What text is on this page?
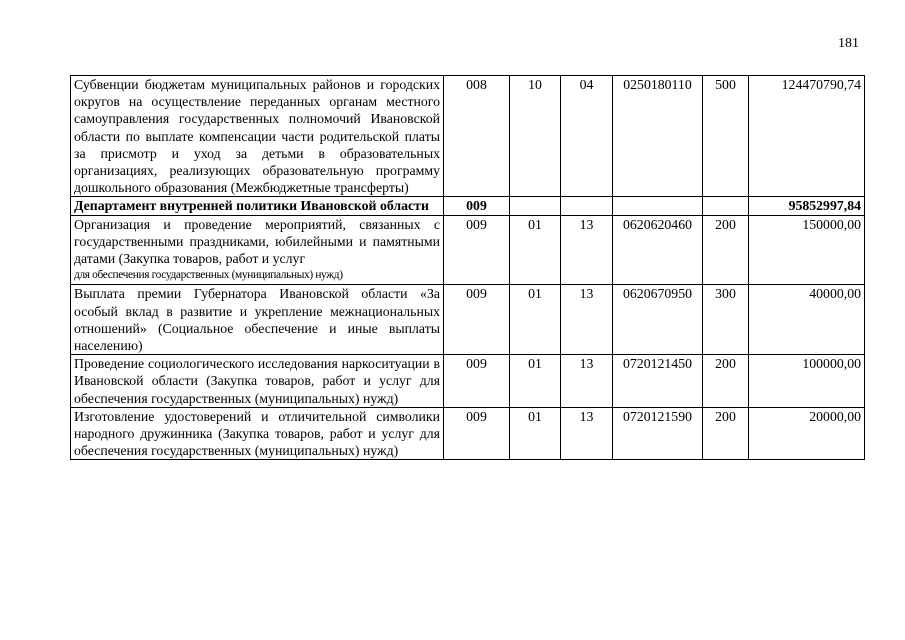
181
Субвенции бюджетам муниципальных районов и городских округов на осуществление переданных органам местного самоуправления государственных полномочий Ивановской области по выплате компенсации части родительской платы за присмотр и уход за детьми в образовательных организациях, реализующих образовательную программу дошкольного образования (Межбюджетные трансферты)	008	10	04	0250180110	500	124470790,74
Департамент внутренней политики Ивановской области	009					95852997,84

Организация и проведение мероприятий, связанных с государственными праздниками, юбилейными и памятными датами (Закупка товаров, работ и услуг
для обеспечения государственных (муниципальных) нужд)	009	01	13	0620620460	200	150000,00
Выплата премии Губернатора Ивановской области «За особый вклад в развитие и укрепление межнациональных отношений» (Социальное обеспечение и иные выплаты населению)	009	01	13	0620670950	300	40000,00
Проведение социологического исследования наркоситуации в Ивановской области (Закупка товаров, работ и услуг для обеспечения государственных (муниципальных) нужд)	009	01	13	0720121450	200	100000,00
Изготовление удостоверений и отличительной символики народного дружинника (Закупка товаров, работ и услуг для обеспечения государственных (муниципальных) нужд)	009	01	13	0720121590	200	20000,00
